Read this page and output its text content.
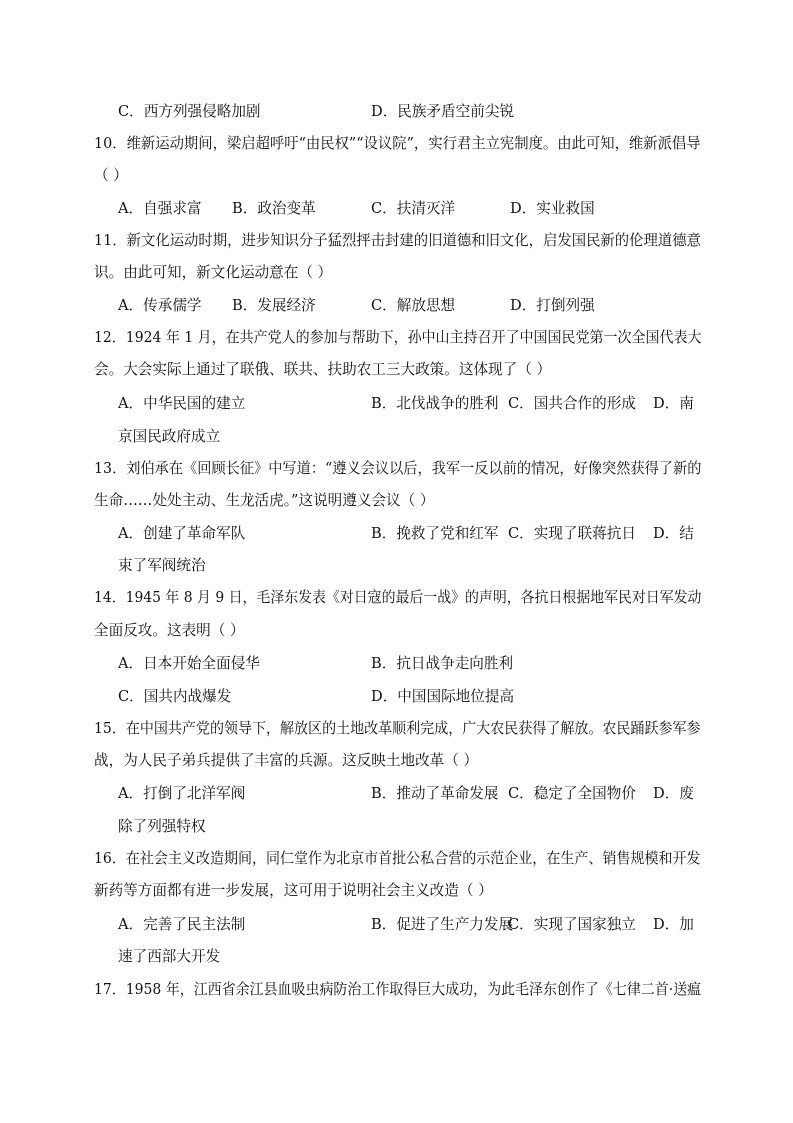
C．西方列强侵略加剧	D．民族矛盾空前尖锐
10．维新运动期间，梁启超呼吁“由民权”“设议院”，实行君主立宪制度。由此可知，维新派倡导
（ ）
A．自强求富 B．政治变革	C．扶清灭洋	D．实业救国
11．新文化运动时期，进步知识分子猛烈抨击封建的旧道德和旧文化，启发国民新的伦理道德意
识。由此可知，新文化运动意在（ ）
A．传承儒学 B．发展经济	C．解放思想	D．打倒列强
12．1924 年 1 月，在共产党人的参加与帮助下，孙中山主持召开了中国国民党第一次全国代表大
会。大会实际上通过了联俄、联共、扶助农工三大政策。这体现了（ ）
A．中华民国的建立	B．北伐战争的胜利 C．国共合作的形成 D．南
京国民政府成立
13．刘伯承在《回顾长征》中写道：“遵义会议以后，我军一反以前的情况，好像突然获得了新的
生命……处处主动、生龙活虎。”这说明遵义会议（ ）
A．创建了革命军队	B．挽救了党和红军 C．实现了联蒋抗日 D．结
束了军阀统治
14．1945 年 8 月 9 日，毛泽东发表《对日寇的最后一战》的声明，各抗日根据地军民对日军发动
全面反攻。这表明（ ）
A．日本开始全面侵华	B．抗日战争走向胜利
C．国共内战爆发	D．中国国际地位提高
15．在中国共产党的领导下，解放区的土地改革顺利完成，广大农民获得了解放。农民踊跃参军参
战，为人民子弟兵提供了丰富的兵源。这反映土地改革（ ）
A．打倒了北洋军阀	B．推动了革命发展 C．稳定了全国物价 D．废
除了列强特权
16．在社会主义改造期间，同仁堂作为北京市首批公私合营的示范企业，在生产、销售规模和开发
新药等方面都有进一步发展，这可用于说明社会主义改造（ ）
A．完善了民主法制	B．促进了生产力发展
C．实现了国家独立 D．加
速了西部大开发
17．1958 年，江西省余江县血吸虫病防治工作取得巨大成功，为此毛泽东创作了《七律二首·送瘟
